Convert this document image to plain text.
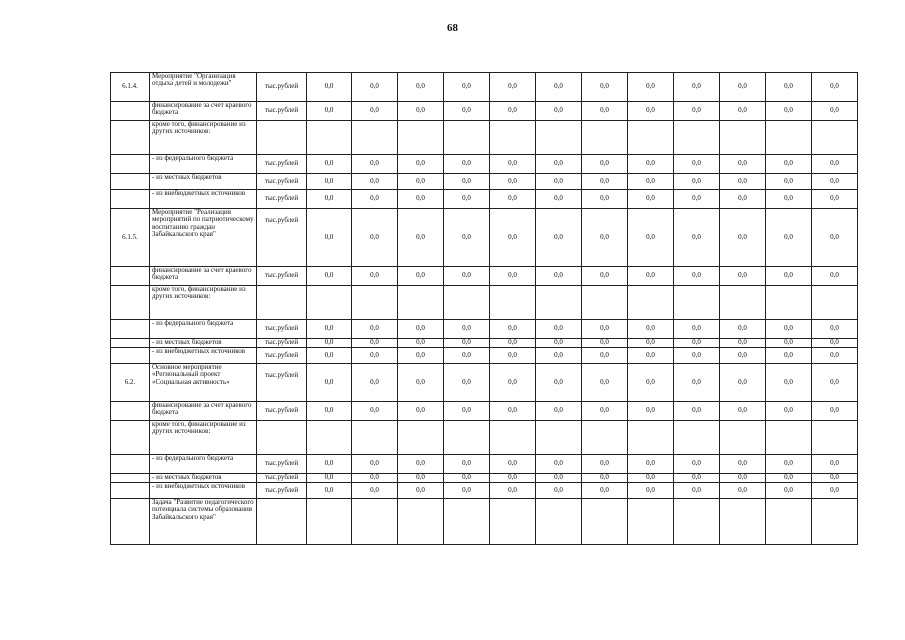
68
6.1.4.	Мероприятие "Организация отдыха детей и молодежи"	тыс.рублей	0,0	0,0	0,0	0,0	0,0	0,0	0,0	0,0	0,0	0,0	0,0	0,0
	финансирование за счет краевого бюджета	тыс.рублей	0,0	0,0	0,0	0,0	0,0	0,0	0,0	0,0	0,0	0,0	0,0	0,0
	кроме того, финансирование из других источников:													
	- из федерального бюджета	тыс.рублей	0,0	0,0	0,0	0,0	0,0	0,0	0,0	0,0	0,0	0,0	0,0	0,0
	- из местных бюджетов	тыс.рублей	0,0	0,0	0,0	0,0	0,0	0,0	0,0	0,0	0,0	0,0	0,0	0,0
	- из внебюджетных источников	тыс.рублей	0,0	0,0	0,0	0,0	0,0	0,0	0,0	0,0	0,0	0,0	0,0	0,0
6.1.5.	Мероприятие "Реализация мероприятий по патриотическому воспитанию граждан Забайкальского края"	тыс.рублей	0,0	0,0	0,0	0,0	0,0	0,0	0,0	0,0	0,0	0,0	0,0	0,0
	финансирование за счет краевого бюджета	тыс.рублей	0,0	0,0	0,0	0,0	0,0	0,0	0,0	0,0	0,0	0,0	0,0	0,0
	кроме того, финансирование из других источников:													
	- из федерального бюджета	тыс.рублей	0,0	0,0	0,0	0,0	0,0	0,0	0,0	0,0	0,0	0,0	0,0	0,0
	- из местных бюджетов	тыс.рублей	0,0	0,0	0,0	0,0	0,0	0,0	0,0	0,0	0,0	0,0	0,0	0,0
	- из внебюджетных источников	тыс.рублей	0,0	0,0	0,0	0,0	0,0	0,0	0,0	0,0	0,0	0,0	0,0	0,0
6.2.	Основное мероприятие «Региональный проект «Социальная активность»	тыс.рублей	0,0	0,0	0,0	0,0	0,0	0,0	0,0	0,0	0,0	0,0	0,0	0,0
	финансирование за счет краевого бюджета	тыс.рублей	0,0	0,0	0,0	0,0	0,0	0,0	0,0	0,0	0,0	0,0	0,0	0,0
	кроме того, финансирование из других источников:													
	- из федерального бюджета	тыс.рублей	0,0	0,0	0,0	0,0	0,0	0,0	0,0	0,0	0,0	0,0	0,0	0,0
	- из местных бюджетов	тыс.рублей	0,0	0,0	0,0	0,0	0,0	0,0	0,0	0,0	0,0	0,0	0,0	0,0
	- из внебюджетных источников	тыс.рублей	0,0	0,0	0,0	0,0	0,0	0,0	0,0	0,0	0,0	0,0	0,0	0,0
	Задача "Развитие педагогического потенциала системы образования Забайкальского края"													
